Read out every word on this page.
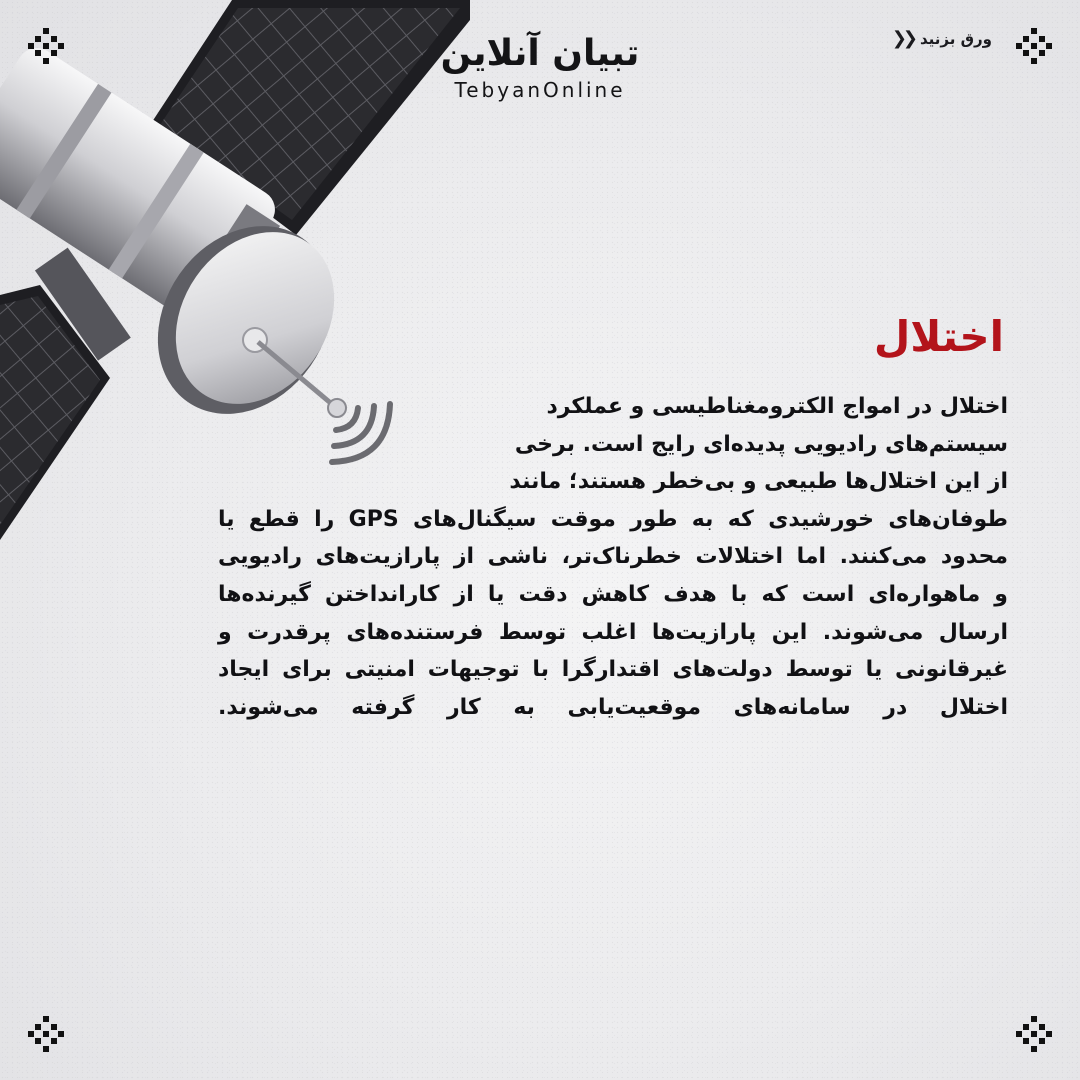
ورق بزنید
❮❮
تبیان آنلاین
TebyanOnline
اختلال
اختلال در امواج الکترومغناطیسی و عملکرد
سیستم‌های رادیویی پدیده‌ای رایج است. برخی
از این اختلال‌ها طبیعی و بی‌خطر هستند؛ مانند
طوفان‌های خورشیدی که به طور موقت سیگنال‌های GPS را قطع یا
محدود می‌کنند. اما اختلالات خطرناک‌تر، ناشی از پارازیت‌های رادیویی
و ماهواره‌ای است که با هدف کاهش دقت یا از کارانداختن گیرنده‌ها
ارسال می‌شوند. این پارازیت‌ها اغلب توسط فرستنده‌های پرقدرت و
غیرقانونی یا توسط دولت‌های اقتدارگرا با توجیهات امنیتی برای ایجاد
اختلال در سامانه‌های موقعیت‌یابی به کار گرفته می‌شوند.
